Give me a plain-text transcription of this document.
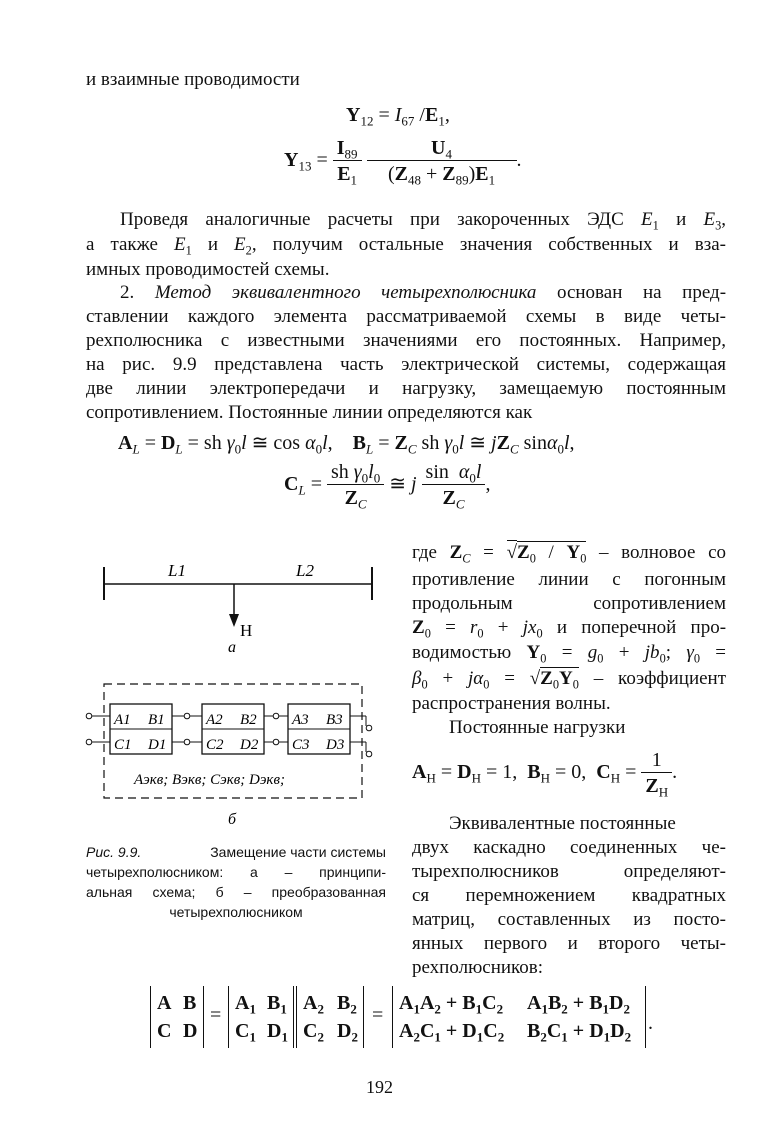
и взаимные проводимости
$Y_{12} = I_{67}$ $/E_1$,
$Y_{13} = \frac{I_{89}}{E_1}$
$\frac{U_4}{(Z_{48} + Z_{89})E_1}$ .
Проведя аналогичные расчеты при закороченных ЭДС $E_1$ и $E_3$,
а также $E_1$ и $E_2$, получим остальные значения собственных и вза-
имных проводимостей схемы.
2. Метод эквивалентного четырехполюсника основан на пред-
ставлении каждого элемента рассматриваемой схемы в виде четы-
рехполюсника с известными значениями его постоянных. Например,
на рис. 9.9 представлена часть электрической системы, содержащая
две линии электропередачи и нагрузку, замещаемую постоянным
сопротивлением. Постоянные линии определяются как
$A_L = D_L$ = sh $\gamma_0l$ ≅ $\cos \alpha_0l$,    $B_L = Z_C$ sh $\gamma_0l$ ≅ $jZ_C$ sinα$_0$l,
$C_L = \frac{sh \gamma_0l_0}{Z_C}$ ≅ j $\frac{\sin \alpha_0l}{Z_C}$ ,
L1	L2
H
а
A1 B1
C1 D1
A2 B2
C2 D2
A3 B3
C3 D3
Aэкв; Bэкв; Cэкв; Dэкв;
б
Рис. 9.9.	Замещение части системы
четырехполюсником: а – принципи-
альная схема; б – преобразованная
четырехполюсником
где $Z_C = √Z_0 / Y_0$ – волновое со
противление линии с погонным
продольным	сопротивлением
$Z_0 = r_0 + jx_0$ и поперечной про-
водимостью $Y_0 = g_0 + jb_0$; $\gamma_0$ =
$\beta_0 + j\alpha_0 = √Z_0Y_0$ – коэффициент
распространения волны.
Постоянные нагрузки
$A_H = D_H = 1$,  $B_H = 0$,  $C_H = \frac{1}{Z_H}$ .
Эквивалентные постоянные
двух каскадно соединенных че-
тырехполюсников определяют-
ся перемножением квадратных
матриц, составленных из посто-
янных первого и второго четы-
рехполюсников:
A B
C D
=
$A_1$ $B_1$
$C_1$ $D_1$
$A_2$ $B_2$
$C_2$ $D_2$
=
$A_1A_2 + B_1C_2$ $A_1B_2 + B_1D_2$
$A_2C_1 + D_1C_2$ $B_2C_1 + D_1D_2$
.
192
